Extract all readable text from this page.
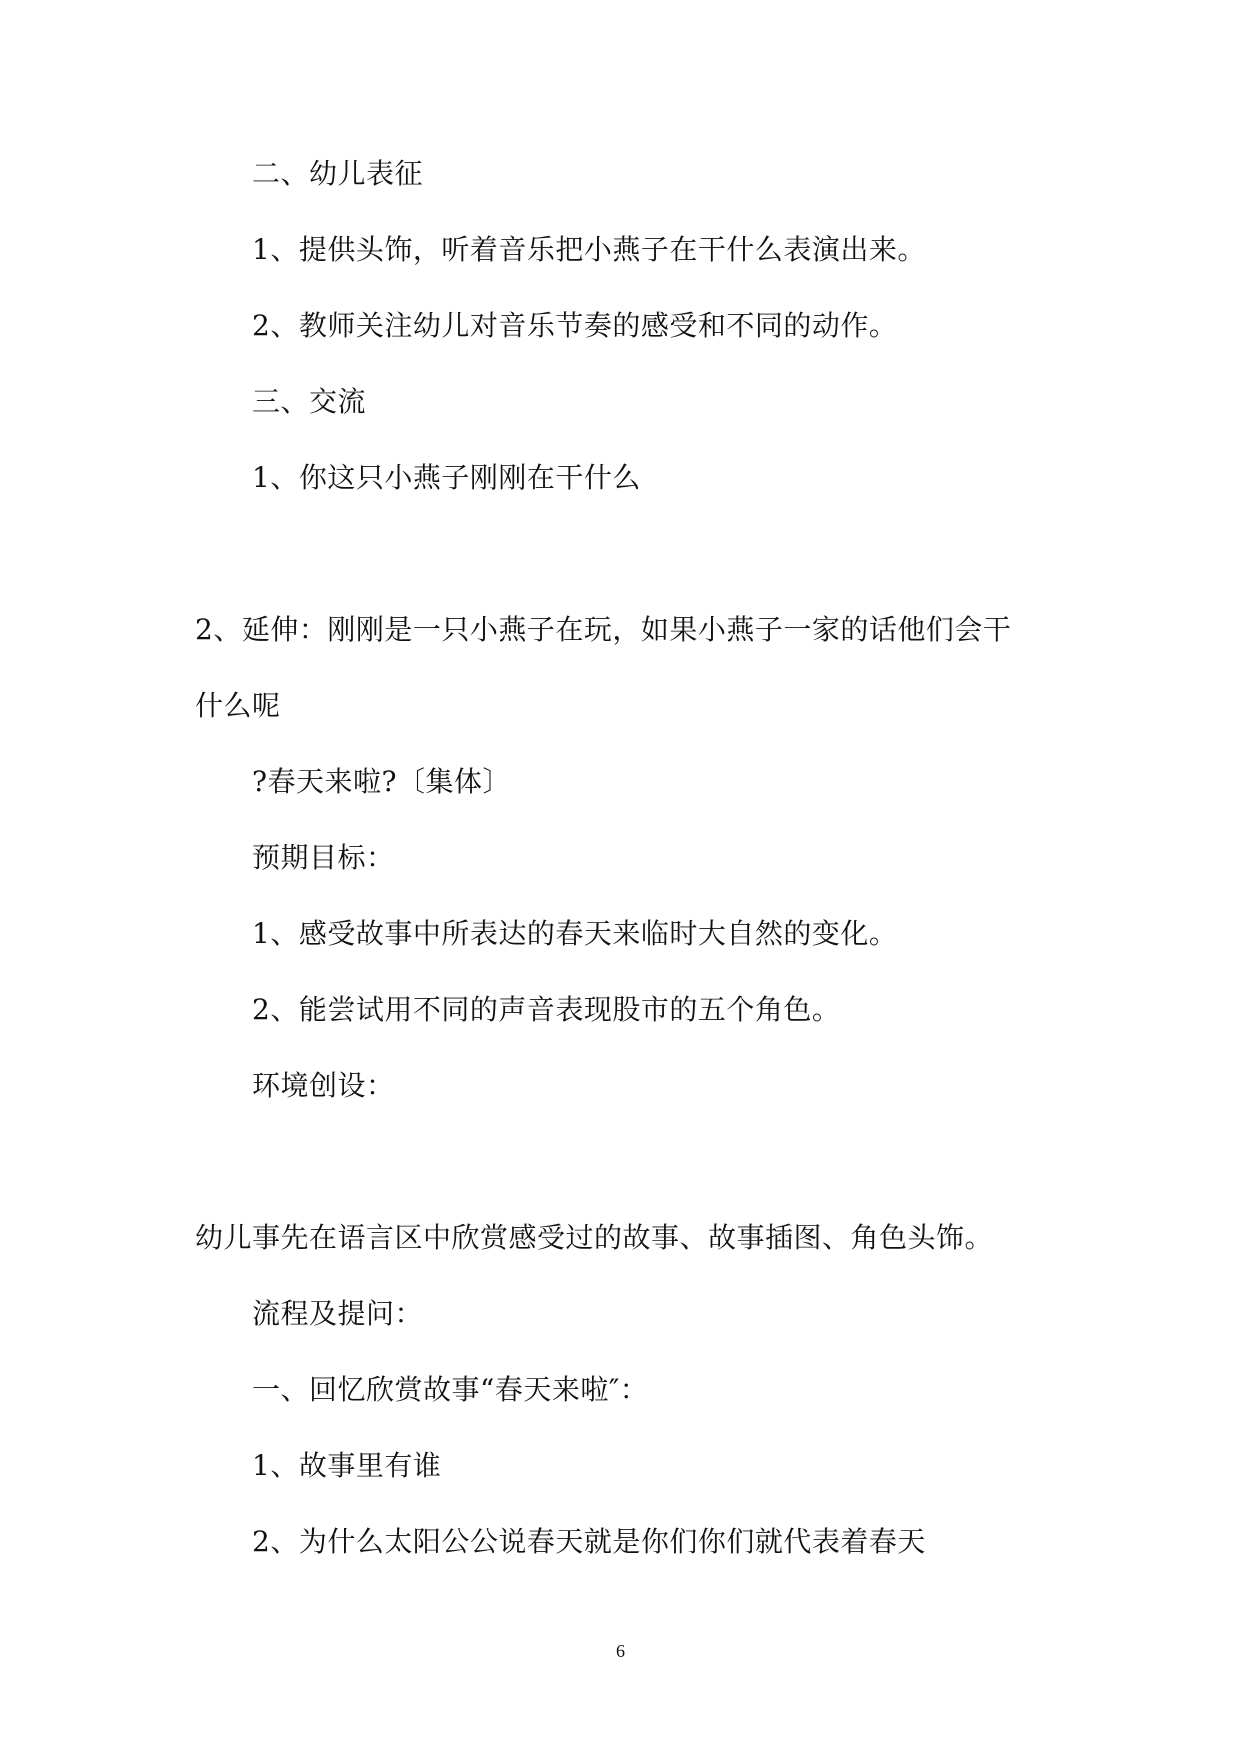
二、幼儿表征
1、提供头饰，听着音乐把小燕子在干什么表演出来。
2、教师关注幼儿对音乐节奏的感受和不同的动作。
三、交流
1、你这只小燕子刚刚在干什么
2、延伸：刚刚是一只小燕子在玩，如果小燕子一家的话他们会干
什么呢
?春天来啦?〔集体〕
预期目标：
1、感受故事中所表达的春天来临时大自然的变化。
2、能尝试用不同的声音表现股市的五个角色。
环境创设：
幼儿事先在语言区中欣赏感受过的故事、故事插图、角色头饰。
流程及提问：
一、回忆欣赏故事“春天来啦″：
1、故事里有谁
2、为什么太阳公公说春天就是你们你们就代表着春天
6
